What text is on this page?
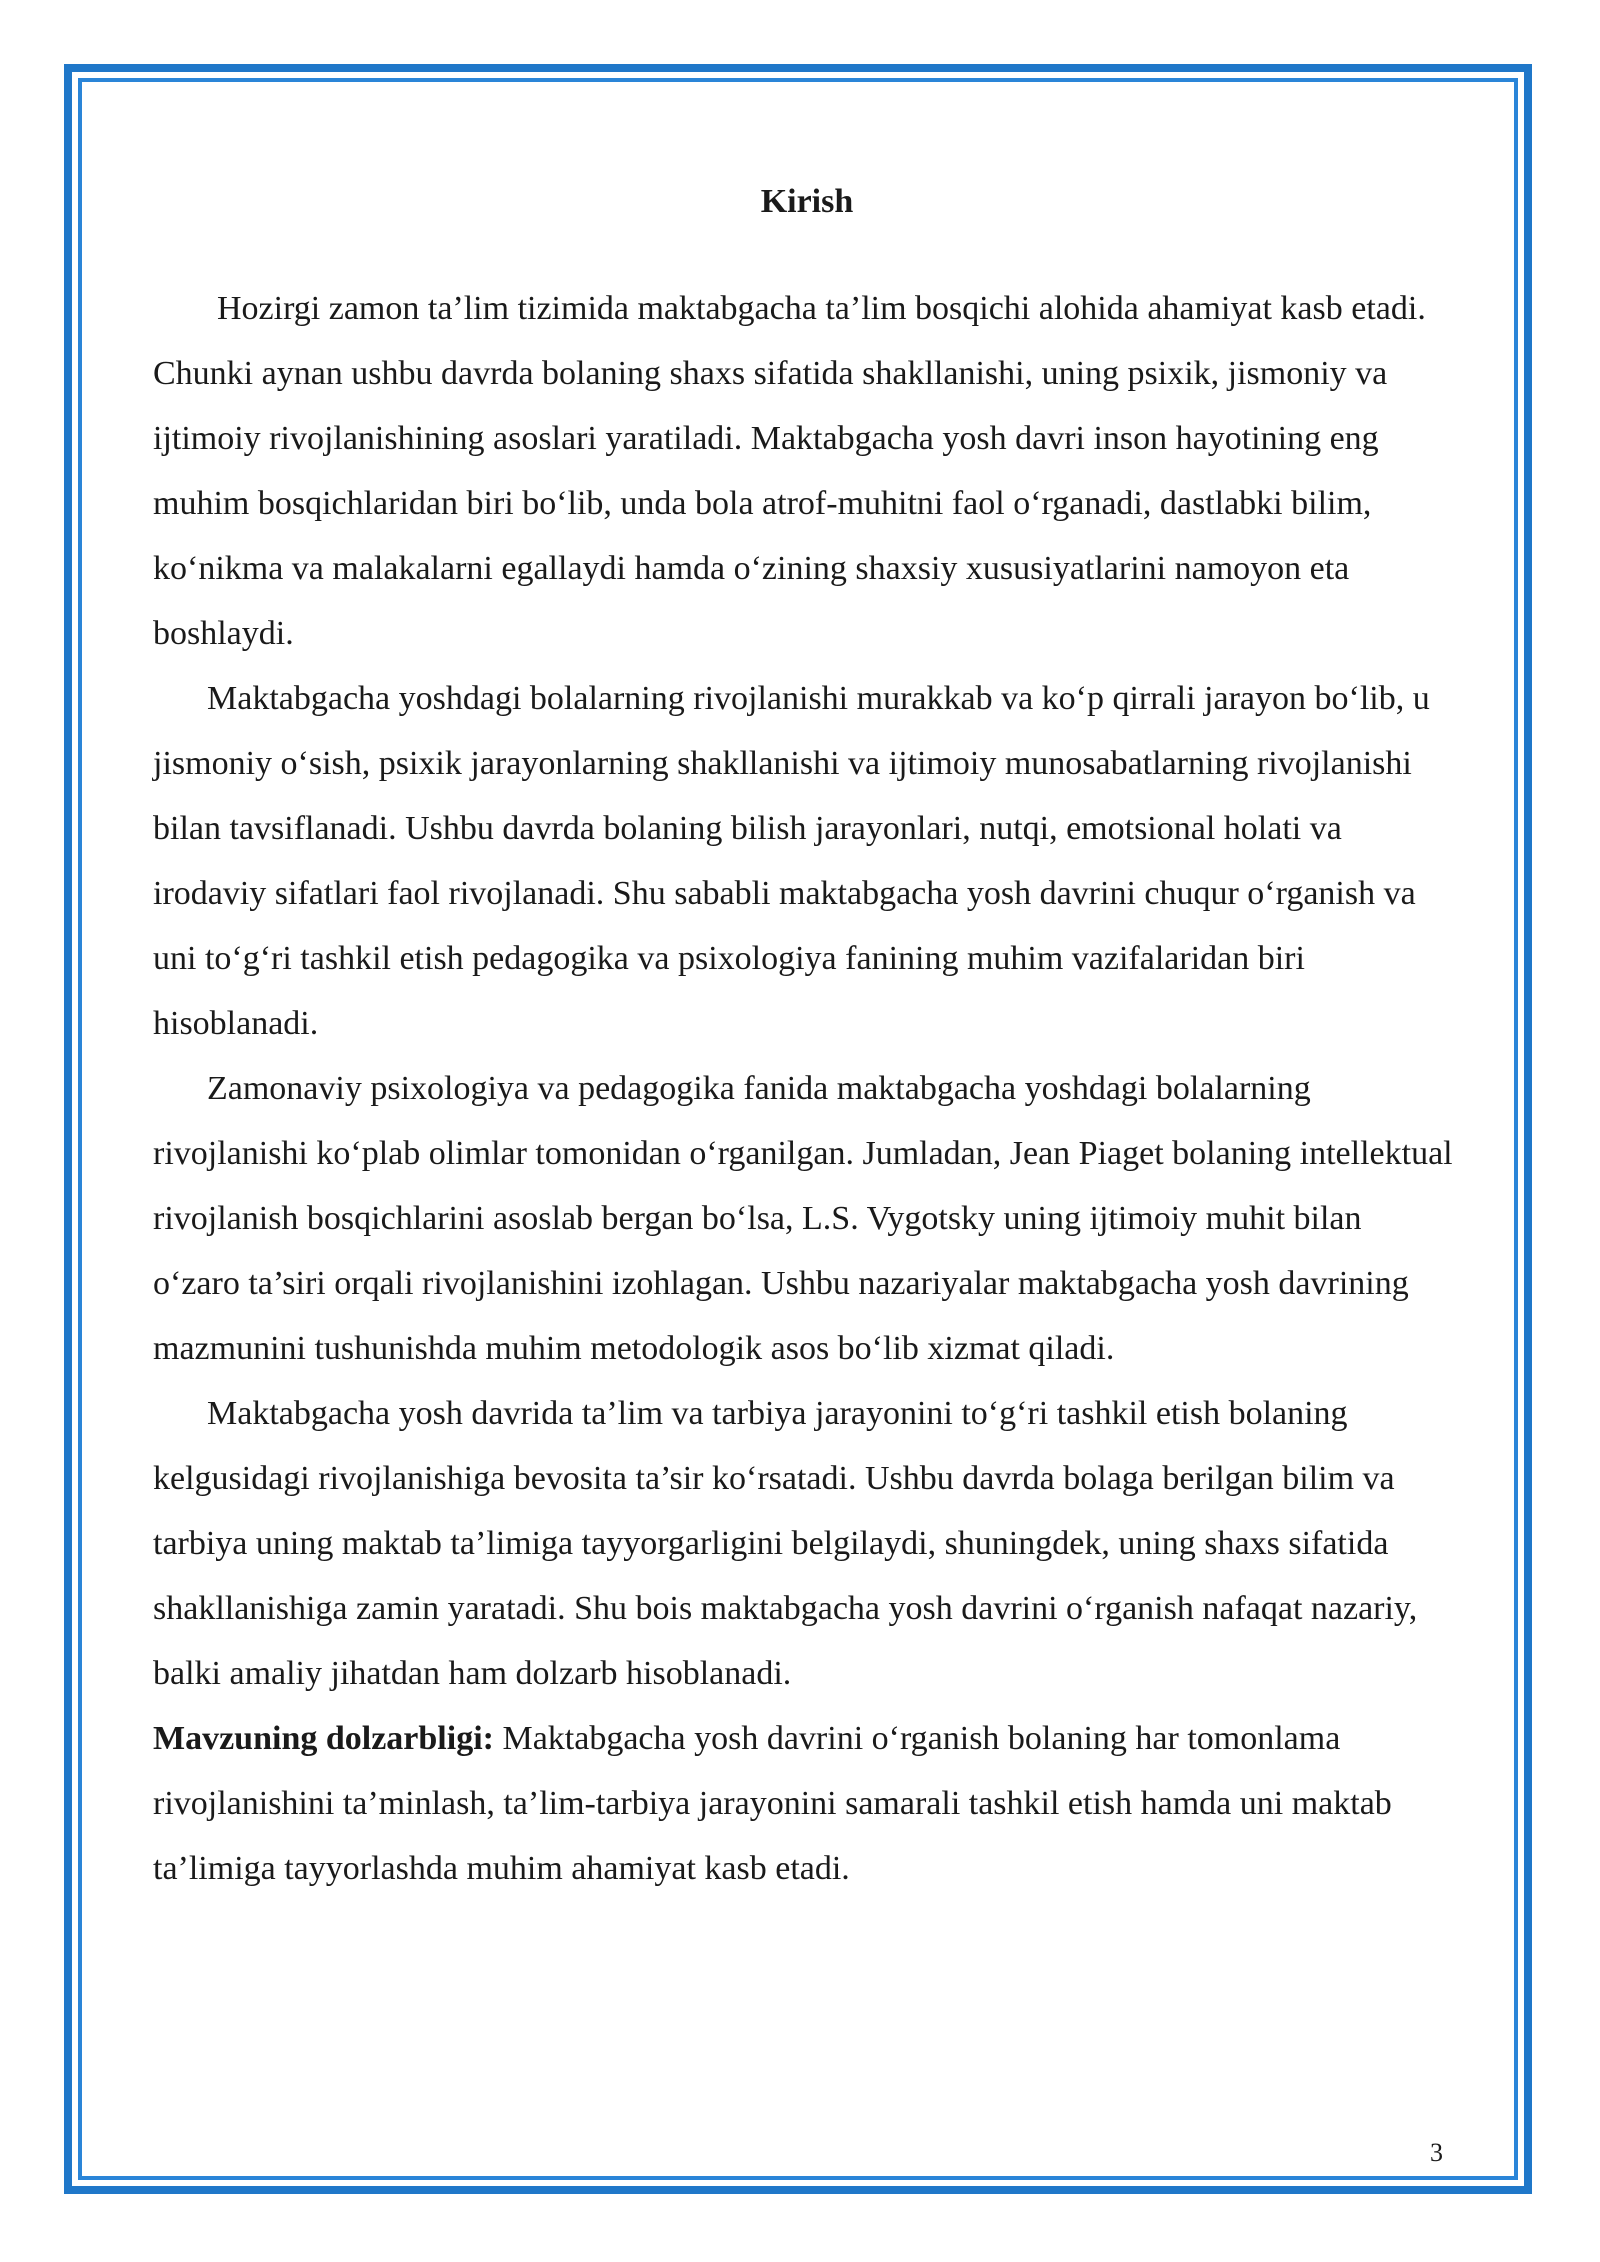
Kirish

Hozirgi zamon ta’lim tizimida maktabgacha ta’lim bosqichi alohida ahamiyat kasb etadi. Chunki aynan ushbu davrda bolaning shaxs sifatida shakllanishi, uning psixik, jismoniy va ijtimoiy rivojlanishining asoslari yaratiladi. Maktabgacha yosh davri inson hayotining eng muhim bosqichlaridan biri bo‘lib, unda bola atrof-muhitni faol o‘rganadi, dastlabki bilim, ko‘nikma va malakalarni egallaydi hamda o‘zining shaxsiy xususiyatlarini namoyon eta boshlaydi.

Maktabgacha yoshdagi bolalarning rivojlanishi murakkab va ko‘p qirrali jarayon bo‘lib, u jismoniy o‘sish, psixik jarayonlarning shakllanishi va ijtimoiy munosabatlarning rivojlanishi bilan tavsiflanadi. Ushbu davrda bolaning bilish jarayonlari, nutqi, emotsional holati va irodaviy sifatlari faol rivojlanadi. Shu sababli maktabgacha yosh davrini chuqur o‘rganish va uni to‘g‘ri tashkil etish pedagogika va psixologiya fanining muhim vazifalaridan biri hisoblanadi.

Zamonaviy psixologiya va pedagogika fanida maktabgacha yoshdagi bolalarning rivojlanishi ko‘plab olimlar tomonidan o‘rganilgan. Jumladan, Jean Piaget bolaning intellektual rivojlanish bosqichlarini asoslab bergan bo‘lsa, L.S. Vygotsky uning ijtimoiy muhit bilan o‘zaro ta’siri orqali rivojlanishini izohlagan. Ushbu nazariyalar maktabgacha yosh davrining mazmunini tushunishda muhim metodologik asos bo‘lib xizmat qiladi.

Maktabgacha yosh davrida ta’lim va tarbiya jarayonini to‘g‘ri tashkil etish bolaning kelgusidagi rivojlanishiga bevosita ta’sir ko‘rsatadi. Ushbu davrda bolaga berilgan bilim va tarbiya uning maktab ta’limiga tayyorgarligini belgilaydi, shuningdek, uning shaxs sifatida shakllanishiga zamin yaratadi. Shu bois maktabgacha yosh davrini o‘rganish nafaqat nazariy, balki amaliy jihatdan ham dolzarb hisoblanadi.

Mavzuning dolzarbligi: Maktabgacha yosh davrini o‘rganish bolaning har tomonlama rivojlanishini ta’minlash, ta’lim-tarbiya jarayonini samarali tashkil etish hamda uni maktab ta’limiga tayyorlashda muhim ahamiyat kasb etadi.

3
